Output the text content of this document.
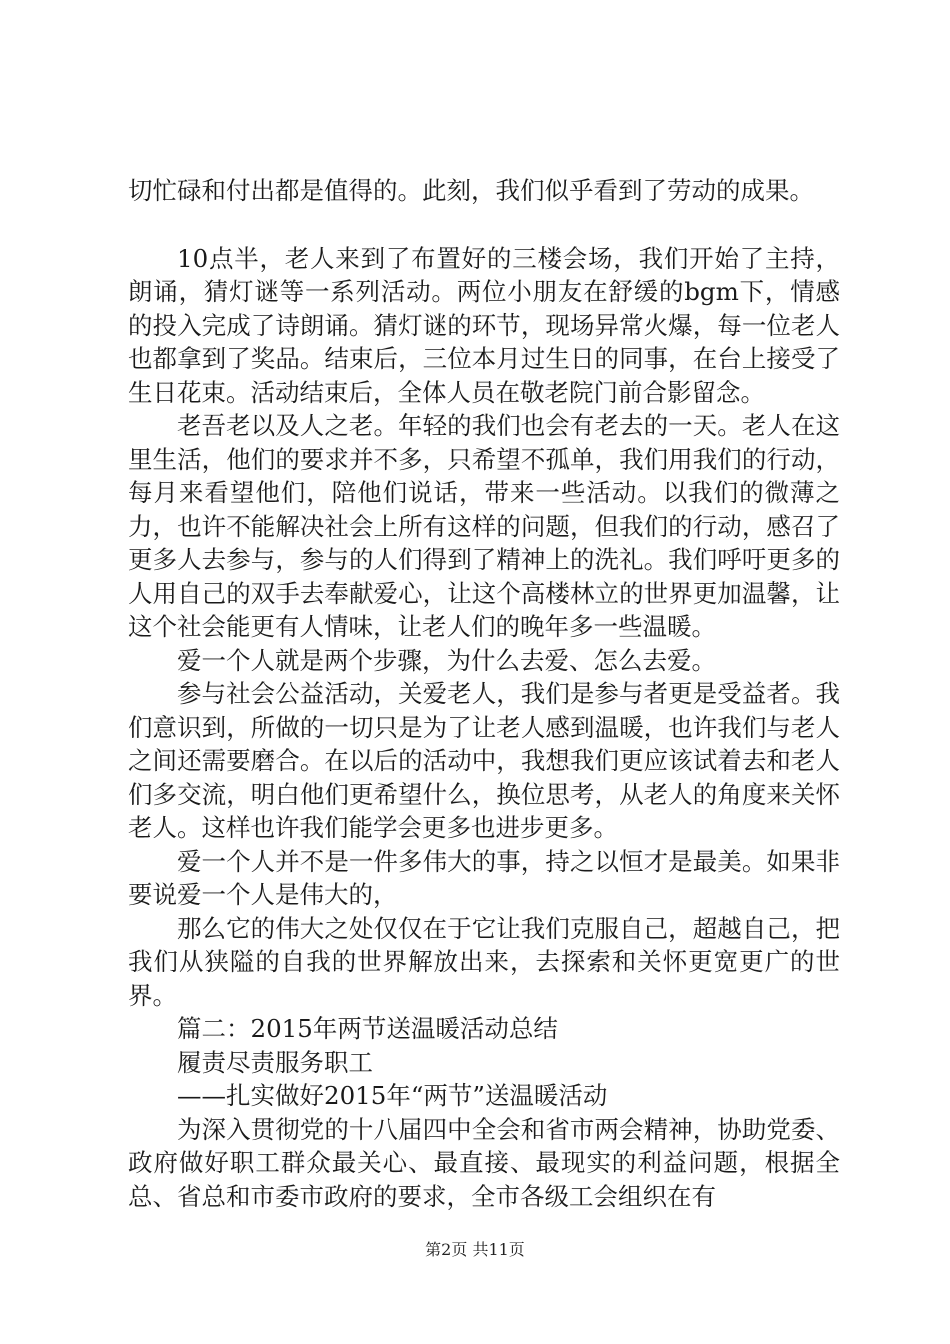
切忙碌和付出都是值得的。此刻，我们似乎看到了劳动的成果。

10点半，老人来到了布置好的三楼会场，我们开始了主持，朗诵，猜灯谜等一系列活动。两位小朋友在舒缓的bgm下，情感的投入完成了诗朗诵。猜灯谜的环节，现场异常火爆，每一位老人也都拿到了奖品。结束后，三位本月过生日的同事，在台上接受了生日花束。活动结束后，全体人员在敬老院门前合影留念。

老吾老以及人之老。年轻的我们也会有老去的一天。老人在这里生活，他们的要求并不多，只希望不孤单，我们用我们的行动，每月来看望他们，陪他们说话，带来一些活动。以我们的微薄之力，也许不能解决社会上所有这样的问题，但我们的行动，感召了更多人去参与，参与的人们得到了精神上的洗礼。我们呼吁更多的人用自己的双手去奉献爱心，让这个高楼林立的世界更加温馨，让这个社会能更有人情味，让老人们的晚年多一些温暖。

爱一个人就是两个步骤，为什么去爱、怎么去爱。

参与社会公益活动，关爱老人，我们是参与者更是受益者。我们意识到，所做的一切只是为了让老人感到温暖，也许我们与老人之间还需要磨合。在以后的活动中，我想我们更应该试着去和老人们多交流，明白他们更希望什么，换位思考，从老人的角度来关怀老人。这样也许我们能学会更多也进步更多。

爱一个人并不是一件多伟大的事，持之以恒才是最美。如果非要说爱一个人是伟大的，

那么它的伟大之处仅仅在于它让我们克服自己，超越自己，把我们从狭隘的自我的世界解放出来，去探索和关怀更宽更广的世界。

篇二：2015年两节送温暖活动总结

履责尽责服务职工

——扎实做好2015年“两节”送温暖活动

为深入贯彻党的十八届四中全会和省市两会精神，协助党委、政府做好职工群众最关心、最直接、最现实的利益问题，根据全总、省总和市委市政府的要求，全市各级工会组织在有

第2页 共11页
